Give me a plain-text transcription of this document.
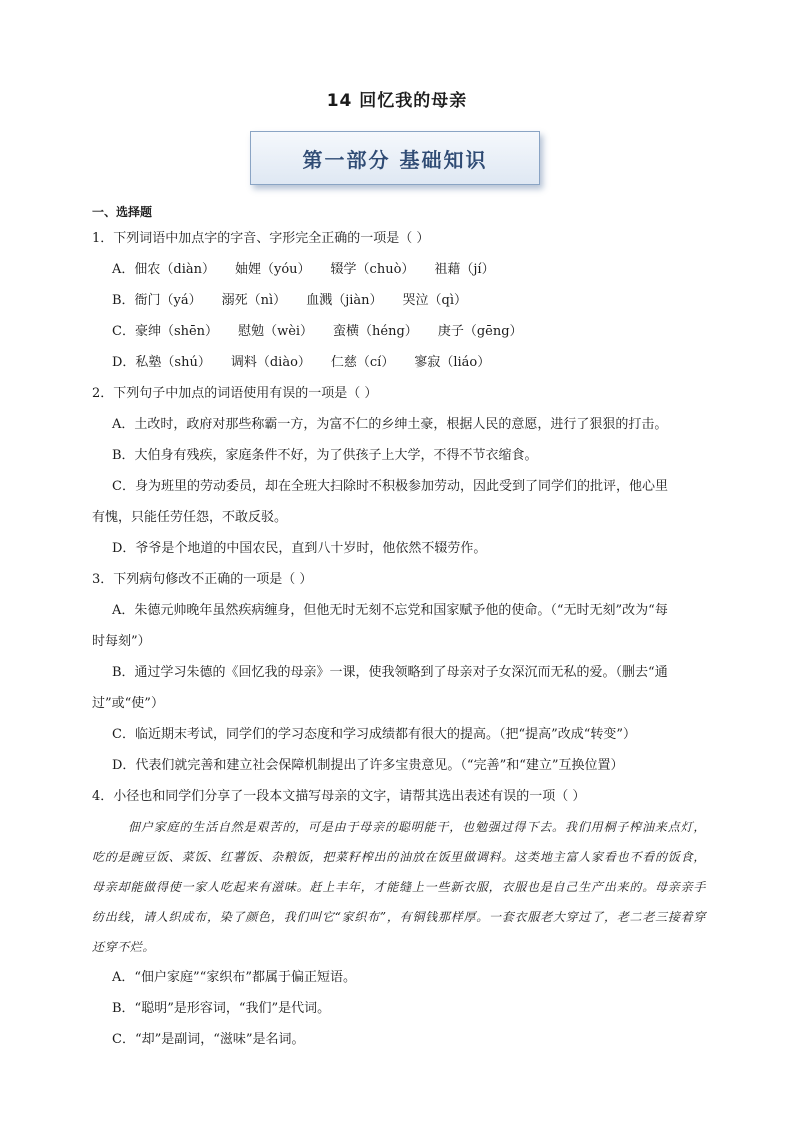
14 回忆我的母亲
第一部分 基础知识
一、选择题
1．下列词语中加点字的字音、字形完全正确的一项是（ ）
A．佃农（diàn） 妯娌（yóu） 辍学（chuò） 祖藉（jí）
B．衙门（yá） 溺死（nì） 血溅（jiàn） 哭泣（qì）
C．豪绅（shēn） 慰勉（wèi） 蛮横（héng） 庚子（gēng）
D．私塾（shú） 调料（diào） 仁慈（cí） 寥寂（liáo）
2．下列句子中加点的词语使用有误的一项是（ ）
A．土改时，政府对那些称霸一方，为富不仁的乡绅土豪，根据人民的意愿，进行了狠狠的打击。
B．大伯身有残疾，家庭条件不好，为了供孩子上大学，不得不节衣缩食。
C．身为班里的劳动委员，却在全班大扫除时不积极参加劳动，因此受到了同学们的批评，他心里
有愧，只能任劳任怨，不敢反驳。
D．爷爷是个地道的中国农民，直到八十岁时，他依然不辍劳作。
3．下列病句修改不正确的一项是（ ）
A．朱德元帅晚年虽然疾病缠身，但他无时无刻不忘党和国家赋予他的使命。（“无时无刻”改为“每
时每刻”）
B．通过学习朱德的《回忆我的母亲》一课，使我领略到了母亲对子女深沉而无私的爱。（删去“通
过”或“使”）
C．临近期末考试，同学们的学习态度和学习成绩都有很大的提高。（把“提高”改成“转变”）
D．代表们就完善和建立社会保障机制提出了许多宝贵意见。（“完善”和“建立”互换位置）
4．小径也和同学们分享了一段本文描写母亲的文字，请帮其选出表述有误的一项（ ）
佃户家庭的生活自然是艰苦的，可是由于母亲的聪明能干，也勉强过得下去。我们用桐子榨油来点灯，吃的是豌豆饭、菜饭、红薯饭、杂粮饭，把菜籽榨出的油放在饭里做调料。这类地主富人家看也不看的饭食，母亲却能做得使一家人吃起来有滋味。赶上丰年，才能缝上一些新衣服，衣服也是自己生产出来的。母亲亲手纺出线，请人织成布，染了颜色，我们叫它“家织布”，有铜钱那样厚。一套衣服老大穿过了，老二老三接着穿还穿不烂。
A．“佃户家庭”“家织布”都属于偏正短语。
B．“聪明”是形容词，“我们”是代词。
C．“却”是副词，“滋味”是名词。
